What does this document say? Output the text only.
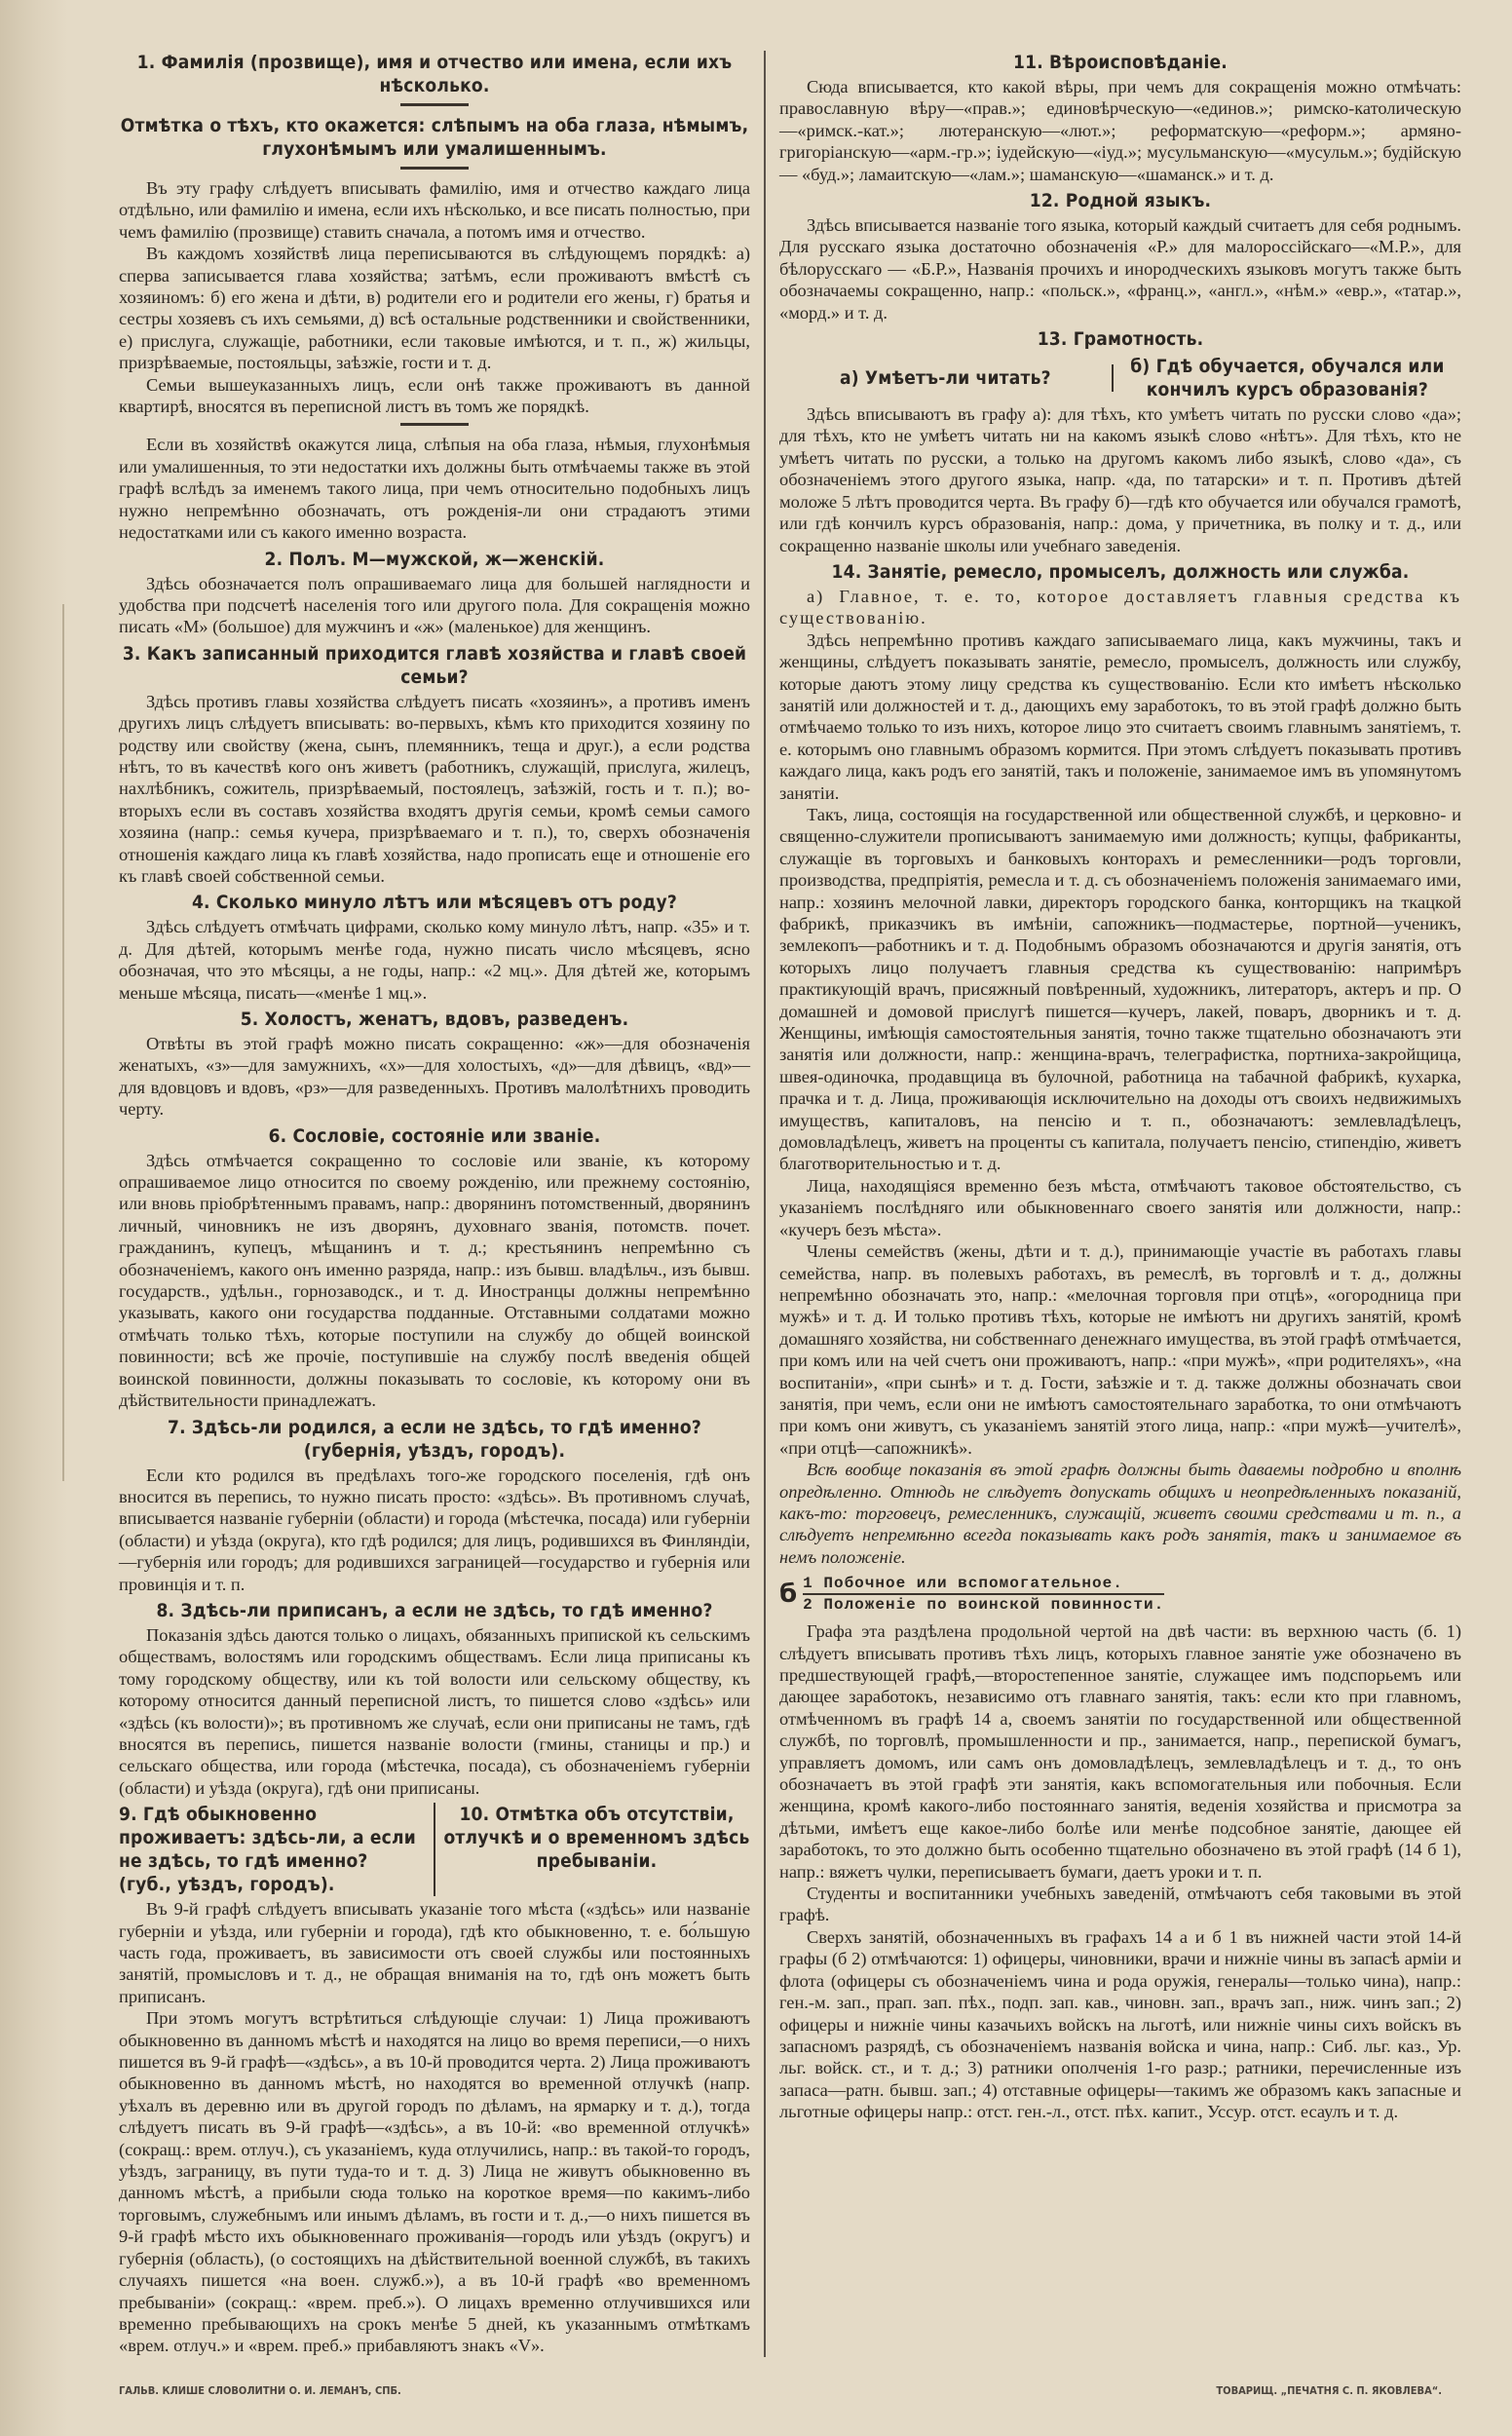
1. Фамилія (прозвище), имя и отчество или имена, если ихъ нѣсколько.
Отмѣтка о тѣхъ, кто окажется: слѣпымъ на оба глаза, нѣмымъ, глухонѣмымъ или умалишеннымъ.

Въ эту графу слѣдуетъ вписывать фамилію, имя и отчество каждаго лица отдѣльно, или фамилію и имена, если ихъ нѣсколько, и все писать полностью, при чемъ фамилію (прозвище) ставить сначала, а потомъ имя и отчество.

Въ каждомъ хозяйствѣ лица переписываются въ слѣдующемъ порядкѣ: а) сперва записывается глава хозяйства; затѣмъ, если проживаютъ вмѣстѣ съ хозяиномъ: б) его жена и дѣти, в) родители его и родители его жены, г) братья и сестры хозяевъ съ ихъ семьями, д) всѣ остальные родственники и свойственники, е) прислуга, служащіе, работники, если таковые имѣются, и т. п., ж) жильцы, призрѣваемые, постояльцы, заѣзжіе, гости и т. д.

Семьи вышеуказанныхъ лицъ, если онѣ также проживаютъ въ данной квартирѣ, вносятся въ переписной листъ въ томъ же порядкѣ.

Если въ хозяйствѣ окажутся лица, слѣпыя на оба глаза, нѣмыя, глухонѣмыя или умалишенныя, то эти недостатки ихъ должны быть отмѣчаемы также въ этой графѣ вслѣдъ за именемъ такого лица, при чемъ относительно подобныхъ лицъ нужно непремѣнно обозначать, отъ рожденія-ли они страдаютъ этими недостатками или съ какого именно возраста.

2. Полъ. М—мужской, ж—женскій.

Здѣсь обозначается полъ опрашиваемаго лица для большей наглядности и удобства при подсчетѣ населенія того или другого пола. Для сокращенія можно писать «М» (большое) для мужчинъ и «ж» (маленькое) для женщинъ.

3. Какъ записанный приходится главѣ хозяйства и главѣ своей семьи?

Здѣсь противъ главы хозяйства слѣдуетъ писать «хозяинъ», а противъ именъ другихъ лицъ слѣдуетъ вписывать: во-первыхъ, кѣмъ кто приходится хозяину по родству или свойству (жена, сынъ, племянникъ, теща и друг.), а если родства нѣтъ, то въ качествѣ кого онъ живетъ (работникъ, служащій, прислуга, жилецъ, нахлѣбникъ, сожитель, призрѣваемый, постоялецъ, заѣзжій, гость и т. п.); во-вторыхъ если въ составъ хозяйства входятъ другія семьи, кромѣ семьи самого хозяина (напр.: семья кучера, призрѣваемаго и т. п.), то, сверхъ обозначенія отношенія каждаго лица къ главѣ хозяйства, надо прописать еще и отношеніе его къ главѣ своей собственной семьи.

4. Сколько минуло лѣтъ или мѣсяцевъ отъ роду?

Здѣсь слѣдуетъ отмѣчать цифрами, сколько кому минуло лѣтъ, напр. «35» и т. д. Для дѣтей, которымъ менѣе года, нужно писать число мѣсяцевъ, ясно обозначая, что это мѣсяцы, а не годы, напр.: «2 мц.». Для дѣтей же, которымъ меньше мѣсяца, писать—«менѣе 1 мц.».

5. Холостъ, женатъ, вдовъ, разведенъ.

Отвѣты въ этой графѣ можно писать сокращенно: «ж»—для обозначенія женатыхъ, «з»—для замужнихъ, «х»—для холостыхъ, «д»—для дѣвицъ, «вд»—для вдовцовъ и вдовъ, «рз»—для разведенныхъ. Противъ малолѣтнихъ проводить черту.

6. Сословіе, состояніе или званіе.

Здѣсь отмѣчается сокращенно то сословіе или званіе, къ которому опрашиваемое лицо относится по своему рожденію, или прежнему состоянію, или вновь пріобрѣтеннымъ правамъ, напр.: дворянинъ потомственный, дворянинъ личный, чиновникъ не изъ дворянъ, духовнаго званія, потомств. почет. гражданинъ, купецъ, мѣщанинъ и т. д.; крестьянинъ непремѣнно съ обозначеніемъ, какого онъ именно разряда, напр.: изъ бывш. владѣльч., изъ бывш. государств., удѣльн., горнозаводск., и т. д. Иностранцы должны непремѣнно указывать, какого они государства подданные. Отставными солдатами можно отмѣчать только тѣхъ, которые поступили на службу до общей воинской повинности; всѣ же прочіе, поступившіе на службу послѣ введенія общей воинской повинности, должны показывать то сословіе, къ которому они въ дѣйствительности принадлежатъ.

7. Здѣсь-ли родился, а если не здѣсь, то гдѣ именно? (губернія, уѣздъ, городъ).

Если кто родился въ предѣлахъ того-же городского поселенія, гдѣ онъ вносится въ перепись, то нужно писать просто: «здѣсь». Въ противномъ случаѣ, вписывается названіе губерніи (области) и города (мѣстечка, посада) или губерніи (области) и уѣзда (округа), кто гдѣ родился; для лицъ, родившихся въ Финляндіи,—губернія или городъ; для родившихся заграницей—государство и губернія или провинція и т. п.

8. Здѣсь-ли приписанъ, а если не здѣсь, то гдѣ именно?

Показанія здѣсь даются только о лицахъ, обязанныхъ припиской къ сельскимъ обществамъ, волостямъ или городскимъ обществамъ. Если лица приписаны къ тому городскому обществу, или къ той волости или сельскому обществу, къ которому относится данный переписной листъ, то пишется слово «здѣсь» или «здѣсь (къ волости)»; въ противномъ же случаѣ, если они приписаны не тамъ, гдѣ вносятся въ перепись, пишется названіе волости (гмины, станицы и пр.) и сельскаго общества, или города (мѣстечка, посада), съ обозначеніемъ губерніи (области) и уѣзда (округа), гдѣ они приписаны.

9. Гдѣ обыкновенно проживаетъ: здѣсь-ли, а если не здѣсь, то гдѣ именно? (губ., уѣздъ, городъ).
10. Отмѣтка объ отсутствіи, отлучкѣ и о временномъ здѣсь пребываніи.

Въ 9-й графѣ слѣдуетъ вписывать указаніе того мѣста («здѣсь» или названіе губерніи и уѣзда, или губерніи и города), гдѣ кто обыкновенно, т. е. бо́льшую часть года, проживаетъ, въ зависимости отъ своей службы или постоянныхъ занятій, промысловъ и т. д., не обращая вниманія на то, гдѣ онъ можетъ быть приписанъ.

При этомъ могутъ встрѣтиться слѣдующіе случаи: 1) Лица проживаютъ обыкновенно въ данномъ мѣстѣ и находятся на лицо во время переписи,—о нихъ пишется въ 9-й графѣ—«здѣсь», а въ 10-й проводится черта. 2) Лица проживаютъ обыкновенно въ данномъ мѣстѣ, но находятся во временной отлучкѣ (напр. уѣхалъ въ деревню или въ другой городъ по дѣламъ, на ярмарку и т. д.), тогда слѣдуетъ писать въ 9-й графѣ—«здѣсь», а въ 10-й: «во временной отлучкѣ» (сокращ.: врем. отлуч.), съ указаніемъ, куда отлучились, напр.: въ такой-то городъ, уѣздъ, заграницу, въ пути туда-то и т. д. 3) Лица не живутъ обыкновенно въ данномъ мѣстѣ, а прибыли сюда только на короткое время—по какимъ-либо торговымъ, служебнымъ или инымъ дѣламъ, въ гости и т. д.,—о нихъ пишется въ 9-й графѣ мѣсто ихъ обыкновеннаго проживанія—городъ или уѣздъ (округъ) и губернія (область), (о состоящихъ на дѣйствительной военной службѣ, въ такихъ случаяхъ пишется «на воен. служб.»), а въ 10-й графѣ «во временномъ пребываніи» (сокращ.: «врем. преб.»). О лицахъ временно отлучившихся или временно пребывающихъ на срокъ менѣе 5 дней, къ указаннымъ отмѣткамъ «врем. отлуч.» и «врем. преб.» прибавляютъ знакъ «V».

11. Вѣроисповѣданіе.

Сюда вписывается, кто какой вѣры, при чемъ для сокращенія можно отмѣчать: православную вѣру—«прав.»; единовѣрческую—«единов.»; римско-католическую—«римск.-кат.»; лютеранскую—«лют.»; реформатскую—«реформ.»; армяно-григоріанскую—«арм.-гр.»; іудейскую—«іуд.»; мусульманскую—«мусульм.»; будійскую — «буд.»; ламаитскую—«лам.»; шаманскую—«шаманск.» и т. д.

12. Родной языкъ.

Здѣсь вписывается названіе того языка, который каждый считаетъ для себя роднымъ. Для русскаго языка достаточно обозначенія «Р.» для малороссійскаго—«М.Р.», для бѣлорусскаго — «Б.Р.», Названія прочихъ и инородческихъ языковъ могутъ также быть обозначаемы сокращенно, напр.: «польск.», «франц.», «англ.», «нѣм.» «евр.», «татар.», «морд.» и т. д.

13. Грамотность.
а) Умѣетъ-ли читать?
б) Гдѣ обучается, обучался или кончилъ курсъ образованія?

Здѣсь вписываютъ въ графу а): для тѣхъ, кто умѣетъ читать по русски слово «да»; для тѣхъ, кто не умѣетъ читать ни на какомъ языкѣ слово «нѣтъ». Для тѣхъ, кто не умѣетъ читать по русски, а только на другомъ какомъ либо языкѣ, слово «да», съ обозначеніемъ этого другого языка, напр. «да, по татарски» и т. п. Противъ дѣтей моложе 5 лѣтъ проводится черта. Въ графу б)—гдѣ кто обучается или обучался грамотѣ, или гдѣ кончилъ курсъ образованія, напр.: дома, у причетника, въ полку и т. д., или сокращенно названіе школы или учебнаго заведенія.

14. Занятіе, ремесло, промыселъ, должность или служба.

а) Главное, т. е. то, которое доставляетъ главныя средства къ существованію.

Здѣсь непремѣнно противъ каждаго записываемаго лица, какъ мужчины, такъ и женщины, слѣдуетъ показывать занятіе, ремесло, промыселъ, должность или службу, которые даютъ этому лицу средства къ существованію. Если кто имѣетъ нѣсколько занятій или должностей и т. д., дающихъ ему заработокъ, то въ этой графѣ должно быть отмѣчаемо только то изъ нихъ, которое лицо это считаетъ своимъ главнымъ занятіемъ, т. е. которымъ оно главнымъ образомъ кормится. При этомъ слѣдуетъ показывать противъ каждаго лица, какъ родъ его занятій, такъ и положеніе, занимаемое имъ въ упомянутомъ занятіи.

Такъ, лица, состоящія на государственной или общественной службѣ, и церковно- и священно-служители прописываютъ занимаемую ими должность; купцы, фабриканты, служащіе въ торговыхъ и банковыхъ конторахъ и ремесленники—родъ торговли, производства, предпріятія, ремесла и т. д. съ обозначеніемъ положенія занимаемаго ими, напр.: хозяинъ мелочной лавки, директоръ городского банка, конторщикъ на ткацкой фабрикѣ, приказчикъ въ имѣніи, сапожникъ—подмастерье, портной—ученикъ, землекопъ—работникъ и т. д. Подобнымъ образомъ обозначаются и другія занятія, отъ которыхъ лицо получаетъ главныя средства къ существованію: напримѣръ практикующій врачъ, присяжный повѣренный, художникъ, литераторъ, актеръ и пр. О домашней и домовой прислугѣ пишется—кучеръ, лакей, поваръ, дворникъ и т. д. Женщины, имѣющія самостоятельныя занятія, точно также тщательно обозначаютъ эти занятія или должности, напр.: женщина-врачъ, телеграфистка, портниха-закройщица, швея-одиночка, продавщица въ булочной, работница на табачной фабрикѣ, кухарка, прачка и т. д. Лица, проживающія исключительно на доходы отъ своихъ недвижимыхъ имуществъ, капиталовъ, на пенсію и т. п., обозначаютъ: землевладѣлецъ, домовладѣлецъ, живетъ на проценты съ капитала, получаетъ пенсію, стипендію, живетъ благотворительностью и т. д.

Лица, находящіяся временно безъ мѣста, отмѣчаютъ таковое обстоятельство, съ указаніемъ послѣдняго или обыкновеннаго своего занятія или должности, напр.: «кучеръ безъ мѣста».

Члены семействъ (жены, дѣти и т. д.), принимающіе участіе въ работахъ главы семейства, напр. въ полевыхъ работахъ, въ ремеслѣ, въ торговлѣ и т. д., должны непремѣнно обозначать это, напр.: «мелочная торговля при отцѣ», «огородница при мужѣ» и т. д. И только противъ тѣхъ, которые не имѣютъ ни другихъ занятій, кромѣ домашняго хозяйства, ни собственнаго денежнаго имущества, въ этой графѣ отмѣчается, при комъ или на чей счетъ они проживаютъ, напр.: «при мужѣ», «при родителяхъ», «на воспитаніи», «при сынѣ» и т. д. Гости, заѣзжіе и т. д. также должны обозначать свои занятія, при чемъ, если они не имѣютъ самостоятельнаго заработка, то они отмѣчаютъ при комъ они живутъ, съ указаніемъ занятій этого лица, напр.: «при мужѣ—учителѣ», «при отцѣ—сапожникѣ».

Всѣ вообще показанія въ этой графѣ должны быть даваемы подробно и вполнѣ опредѣленно. Отнюдь не слѣдуетъ допускать общихъ и неопредѣленныхъ показаній, какъ-то: торговецъ, ремесленникъ, служащій, живетъ своими средствами и т. п., а слѣдуетъ непремѣнно всегда показывать какъ родъ занятія, такъ и занимаемое въ немъ положеніе.

б 1 Побочное или вспомогательное.
2 Положеніе по воинской повинности.

Графа эта раздѣлена продольной чертой на двѣ части: въ верхнюю часть (б. 1) слѣдуетъ вписывать противъ тѣхъ лицъ, которыхъ главное занятіе уже обозначено въ предшествующей графѣ,—второстепенное занятіе, служащее имъ подспорьемъ или дающее заработокъ, независимо отъ главнаго занятія, такъ: если кто при главномъ, отмѣченномъ въ графѣ 14 а, своемъ занятіи по государственной или общественной службѣ, по торговлѣ, промышленности и пр., занимается, напр., перепиской бумагъ, управляетъ домомъ, или самъ онъ домовладѣлецъ, землевладѣлецъ и т. д., то онъ обозначаетъ въ этой графѣ эти занятія, какъ вспомогательныя или побочныя. Если женщина, кромѣ какого-либо постояннаго занятія, веденія хозяйства и присмотра за дѣтьми, имѣетъ еще какое-либо болѣе или менѣе подсобное занятіе, дающее ей заработокъ, то это должно быть особенно тщательно обозначено въ этой графѣ (14 б 1), напр.: вяжетъ чулки, переписываетъ бумаги, даетъ уроки и т. п.

Студенты и воспитанники учебныхъ заведеній, отмѣчаютъ себя таковыми въ этой графѣ.

Сверхъ занятій, обозначенныхъ въ графахъ 14 а и б 1 въ нижней части этой 14-й графы (б 2) отмѣчаются: 1) офицеры, чиновники, врачи и нижніе чины въ запасѣ арміи и флота (офицеры съ обозначеніемъ чина и рода оружія, генералы—только чина), напр.: ген.-м. зап., прап. зап. пѣх., подп. зап. кав., чиновн. зап., врачъ зап., ниж. чинъ зап.; 2) офицеры и нижніе чины казачьихъ войскъ на льготѣ, или нижніе чины сихъ войскъ въ запасномъ разрядѣ, съ обозначеніемъ названія войска и чина, напр.: Сиб. льг. каз., Ур. льг. войск. ст., и т. д.; 3) ратники ополченія 1-го разр.; ратники, перечисленные изъ запаса—ратн. бывш. зап.; 4) отставные офицеры—такимъ же образомъ какъ запасные и льготные офицеры напр.: отст. ген.-л., отст. пѣх. капит., Уссур. отст. есаулъ и т. д.

ГАЛЬВ. КЛИШЕ СЛОВОЛИТНИ О. И. ЛЕМАНЪ, СПБ.	ТОВАРИЩ. „ПЕЧАТНЯ С. П. ЯКОВЛЕВА“.
